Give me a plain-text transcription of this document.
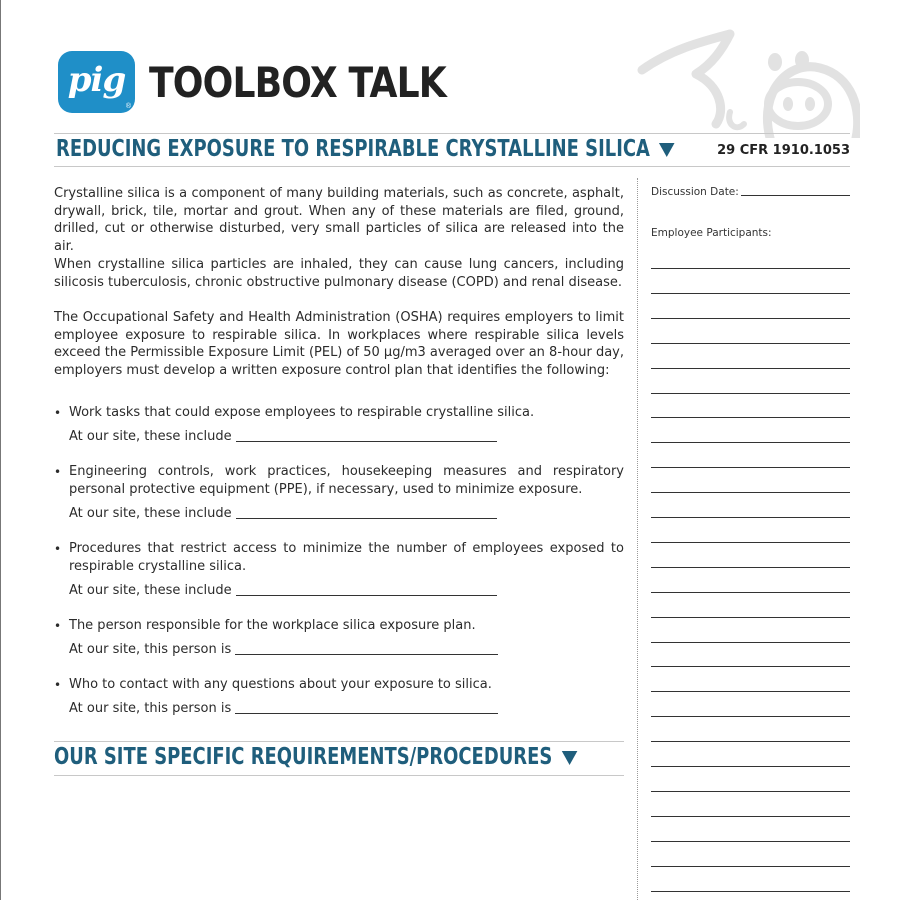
pig
® TOOLBOX TALK
REDUCING EXPOSURE TO RESPIRABLE CRYSTALLINE SILICA	29 CFR 1910.1053
Crystalline silica is a component of many building materials, such as concrete, asphalt, drywall, brick, tile, mortar and grout. When any of these materials are filed, ground, drilled, cut or otherwise disturbed, very small particles of silica are released into the air.
When crystalline silica particles are inhaled, they can cause lung cancers, including silicosis tuberculosis, chronic obstructive pulmonary disease (COPD) and renal disease.
The Occupational Safety and Health Administration (OSHA) requires employers to limit employee exposure to respirable silica. In workplaces where respirable silica levels exceed the Permissible Exposure Limit (PEL) of 50 µg/m3 averaged over an 8-hour day, employers must develop a written exposure control plan that identifies the following:
• Work tasks that could expose employees to respirable crystalline silica.
At our site, these include
• Engineering controls, work practices, housekeeping measures and respiratory personal protective equipment (PPE), if necessary, used to minimize exposure.
At our site, these include
• Procedures that restrict access to minimize the number of employees exposed to respirable crystalline silica.
At our site, these include
• The person responsible for the workplace silica exposure plan.
At our site, this person is
• Who to contact with any questions about your exposure to silica.
At our site, this person is
OUR SITE SPECIFIC REQUIREMENTS/PROCEDURES
Discussion Date:
Employee Participants:
